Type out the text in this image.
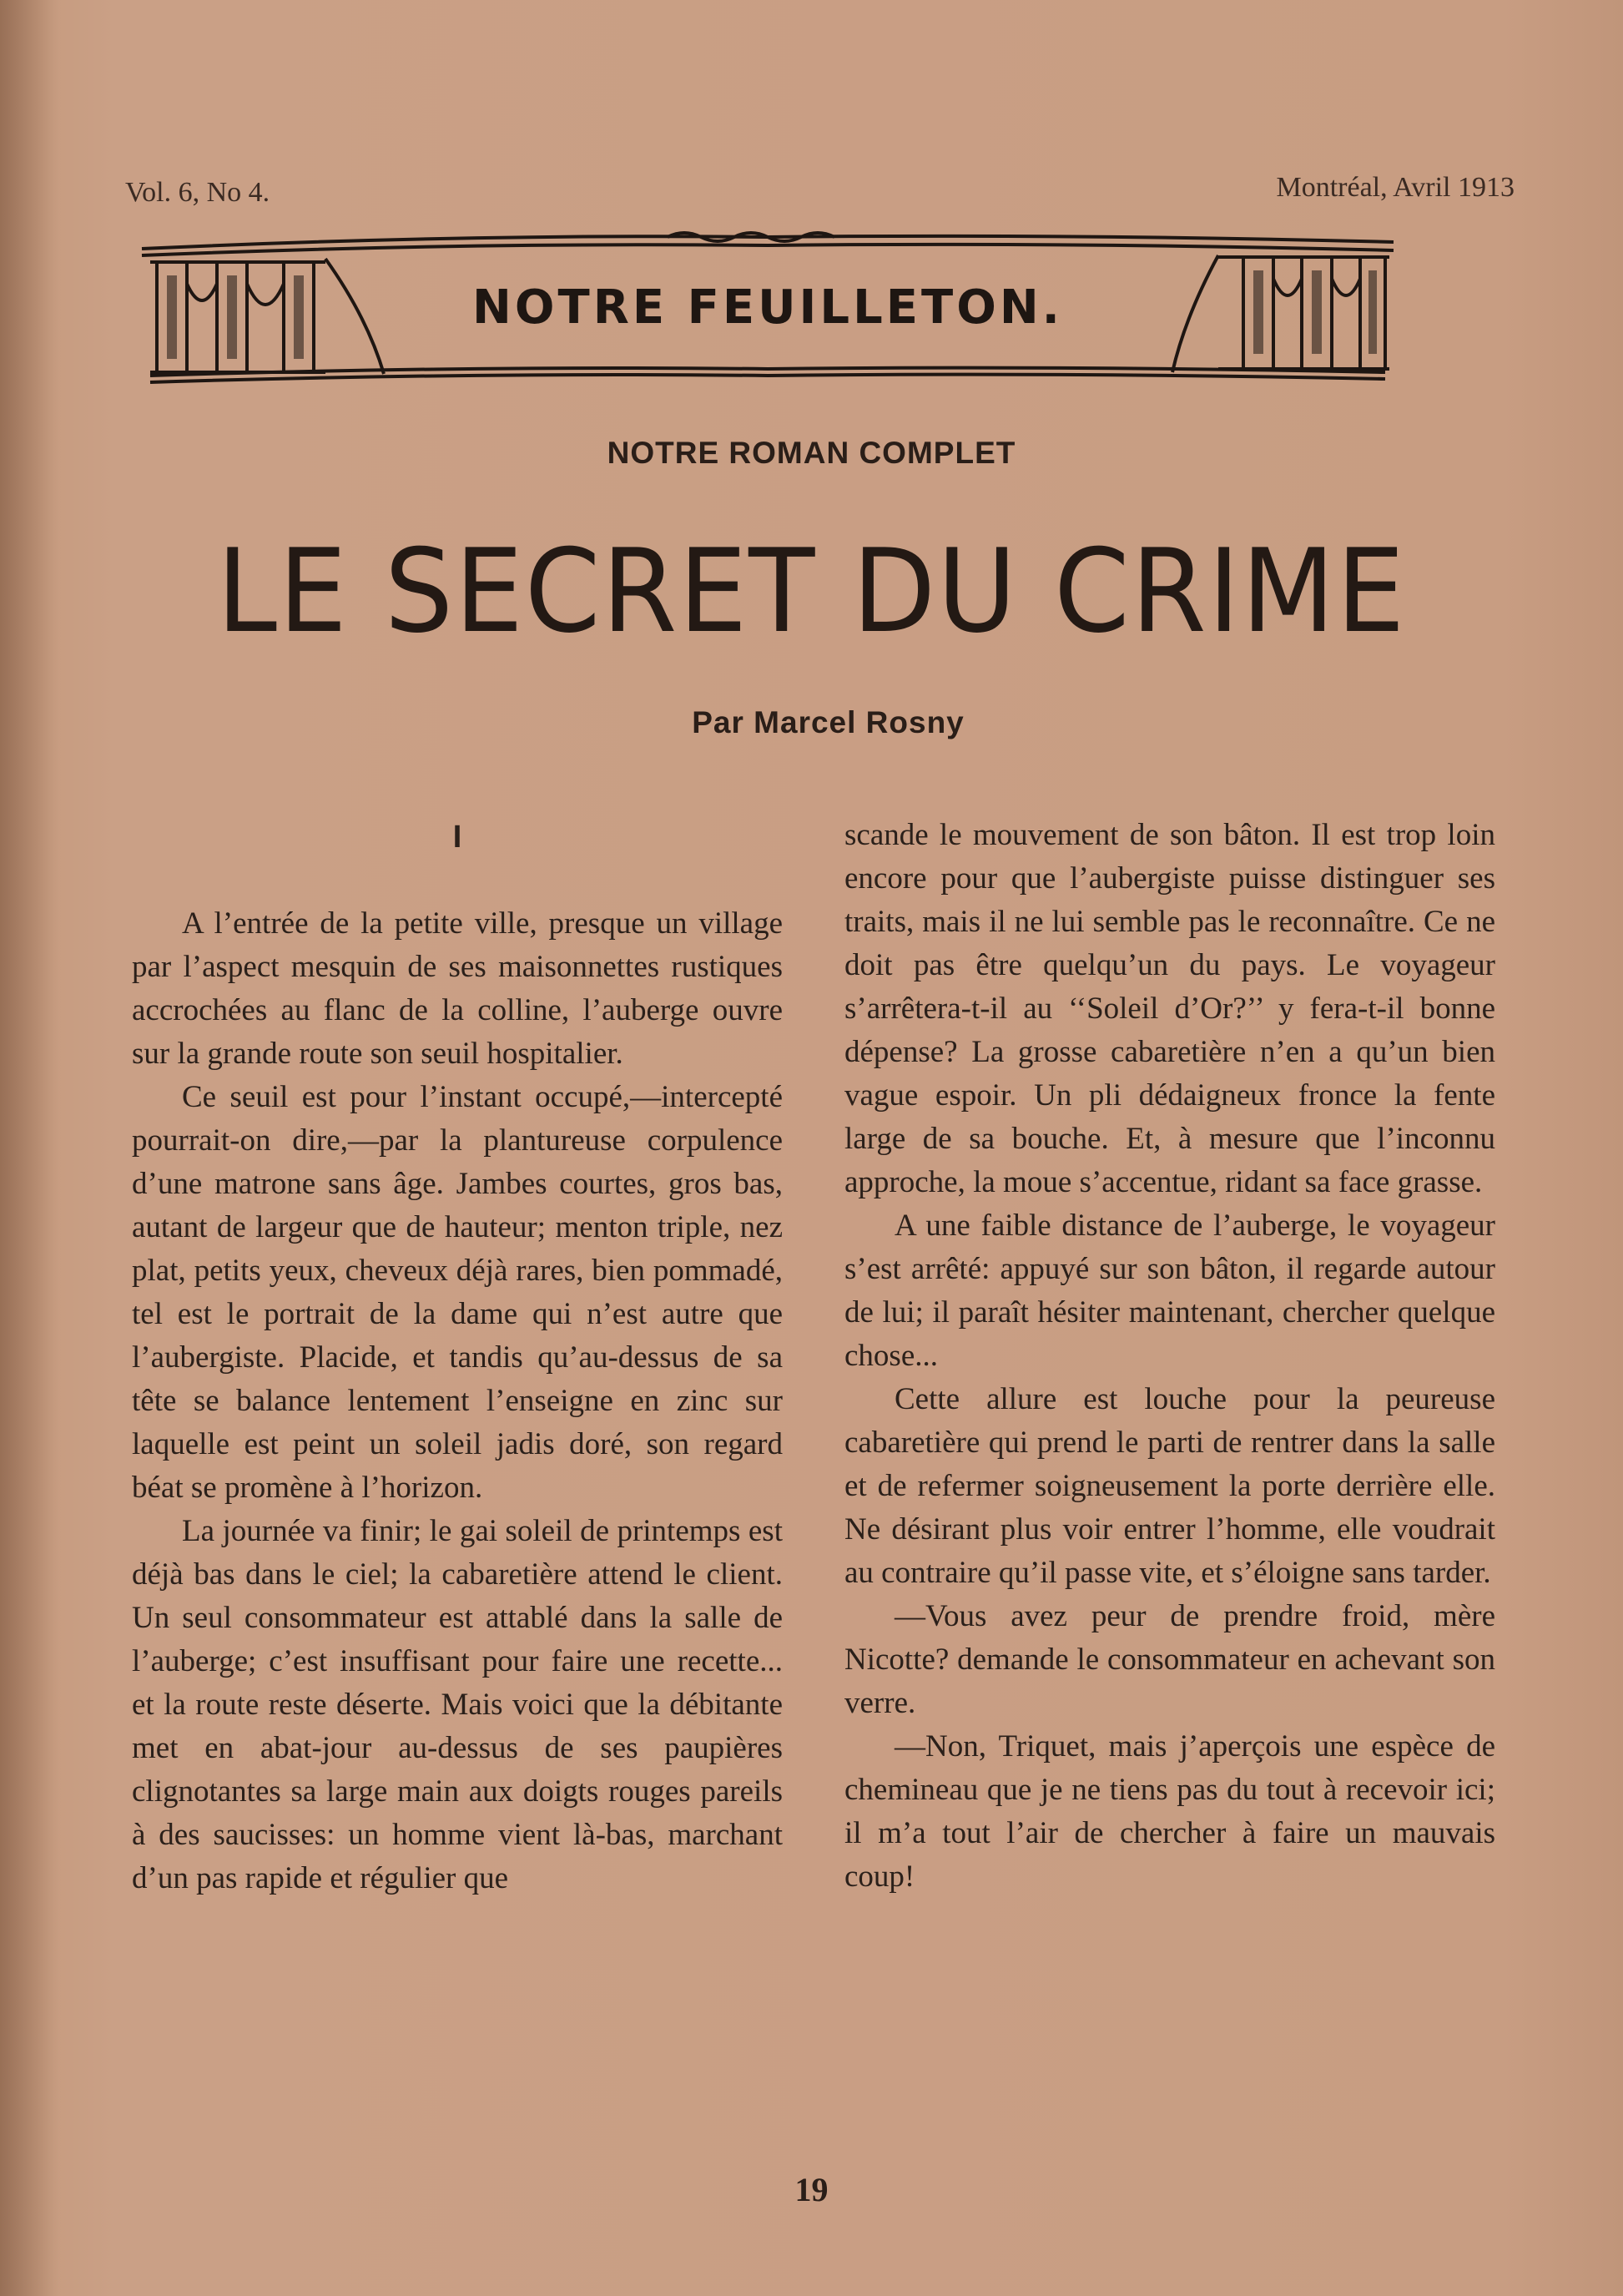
Vol. 6, No 4.	Montréal, Avril 1913
NOTRE FEUILLETON.
NOTRE ROMAN COMPLET
LE SECRET DU CRIME
Par Marcel Rosny
I

A l’entrée de la petite ville, presque un village par l’aspect mesquin de ses maisonnettes rustiques accrochées au flanc de la colline, l’auberge ouvre sur la grande route son seuil hospitalier.

Ce seuil est pour l’instant occupé,—intercepté pourrait-on dire,—par la plantureuse corpulence d’une matrone sans âge. Jambes courtes, gros bas, autant de largeur que de hauteur; menton triple, nez plat, petits yeux, cheveux déjà rares, bien pommadé, tel est le portrait de la dame qui n’est autre que l’aubergiste. Placide, et tandis qu’au-dessus de sa tête se balance lentement l’enseigne en zinc sur laquelle est peint un soleil jadis doré, son regard béat se promène à l’horizon.

La journée va finir; le gai soleil de printemps est déjà bas dans le ciel; la cabaretière attend le client. Un seul consommateur est attablé dans la salle de l’auberge; c’est insuffisant pour faire une recette... et la route reste déserte. Mais voici que la débitante met en abat-jour au-dessus de ses paupières clignotantes sa large main aux doigts rouges pareils à des saucisses: un homme vient là-bas, marchant d’un pas rapide et régulier que

scande le mouvement de son bâton. Il est trop loin encore pour que l’aubergiste puisse distinguer ses traits, mais il ne lui semble pas le reconnaître. Ce ne doit pas être quelqu’un du pays. Le voyageur s’arrêtera-t-il au ‘‘Soleil d’Or?’’ y fera-t-il bonne dépense? La grosse cabaretière n’en a qu’un bien vague espoir. Un pli dédaigneux fronce la fente large de sa bouche. Et, à mesure que l’inconnu approche, la moue s’accentue, ridant sa face grasse.

A une faible distance de l’auberge, le voyageur s’est arrêté: appuyé sur son bâton, il regarde autour de lui; il paraît hésiter maintenant, chercher quelque chose...

Cette allure est louche pour la peureuse cabaretière qui prend le parti de rentrer dans la salle et de refermer soigneusement la porte derrière elle. Ne désirant plus voir entrer l’homme, elle voudrait au contraire qu’il passe vite, et s’éloigne sans tarder.

—Vous avez peur de prendre froid, mère Nicotte? demande le consommateur en achevant son verre.

—Non, Triquet, mais j’aperçois une espèce de chemineau que je ne tiens pas du tout à recevoir ici; il m’a tout l’air de chercher à faire un mauvais coup!

19
